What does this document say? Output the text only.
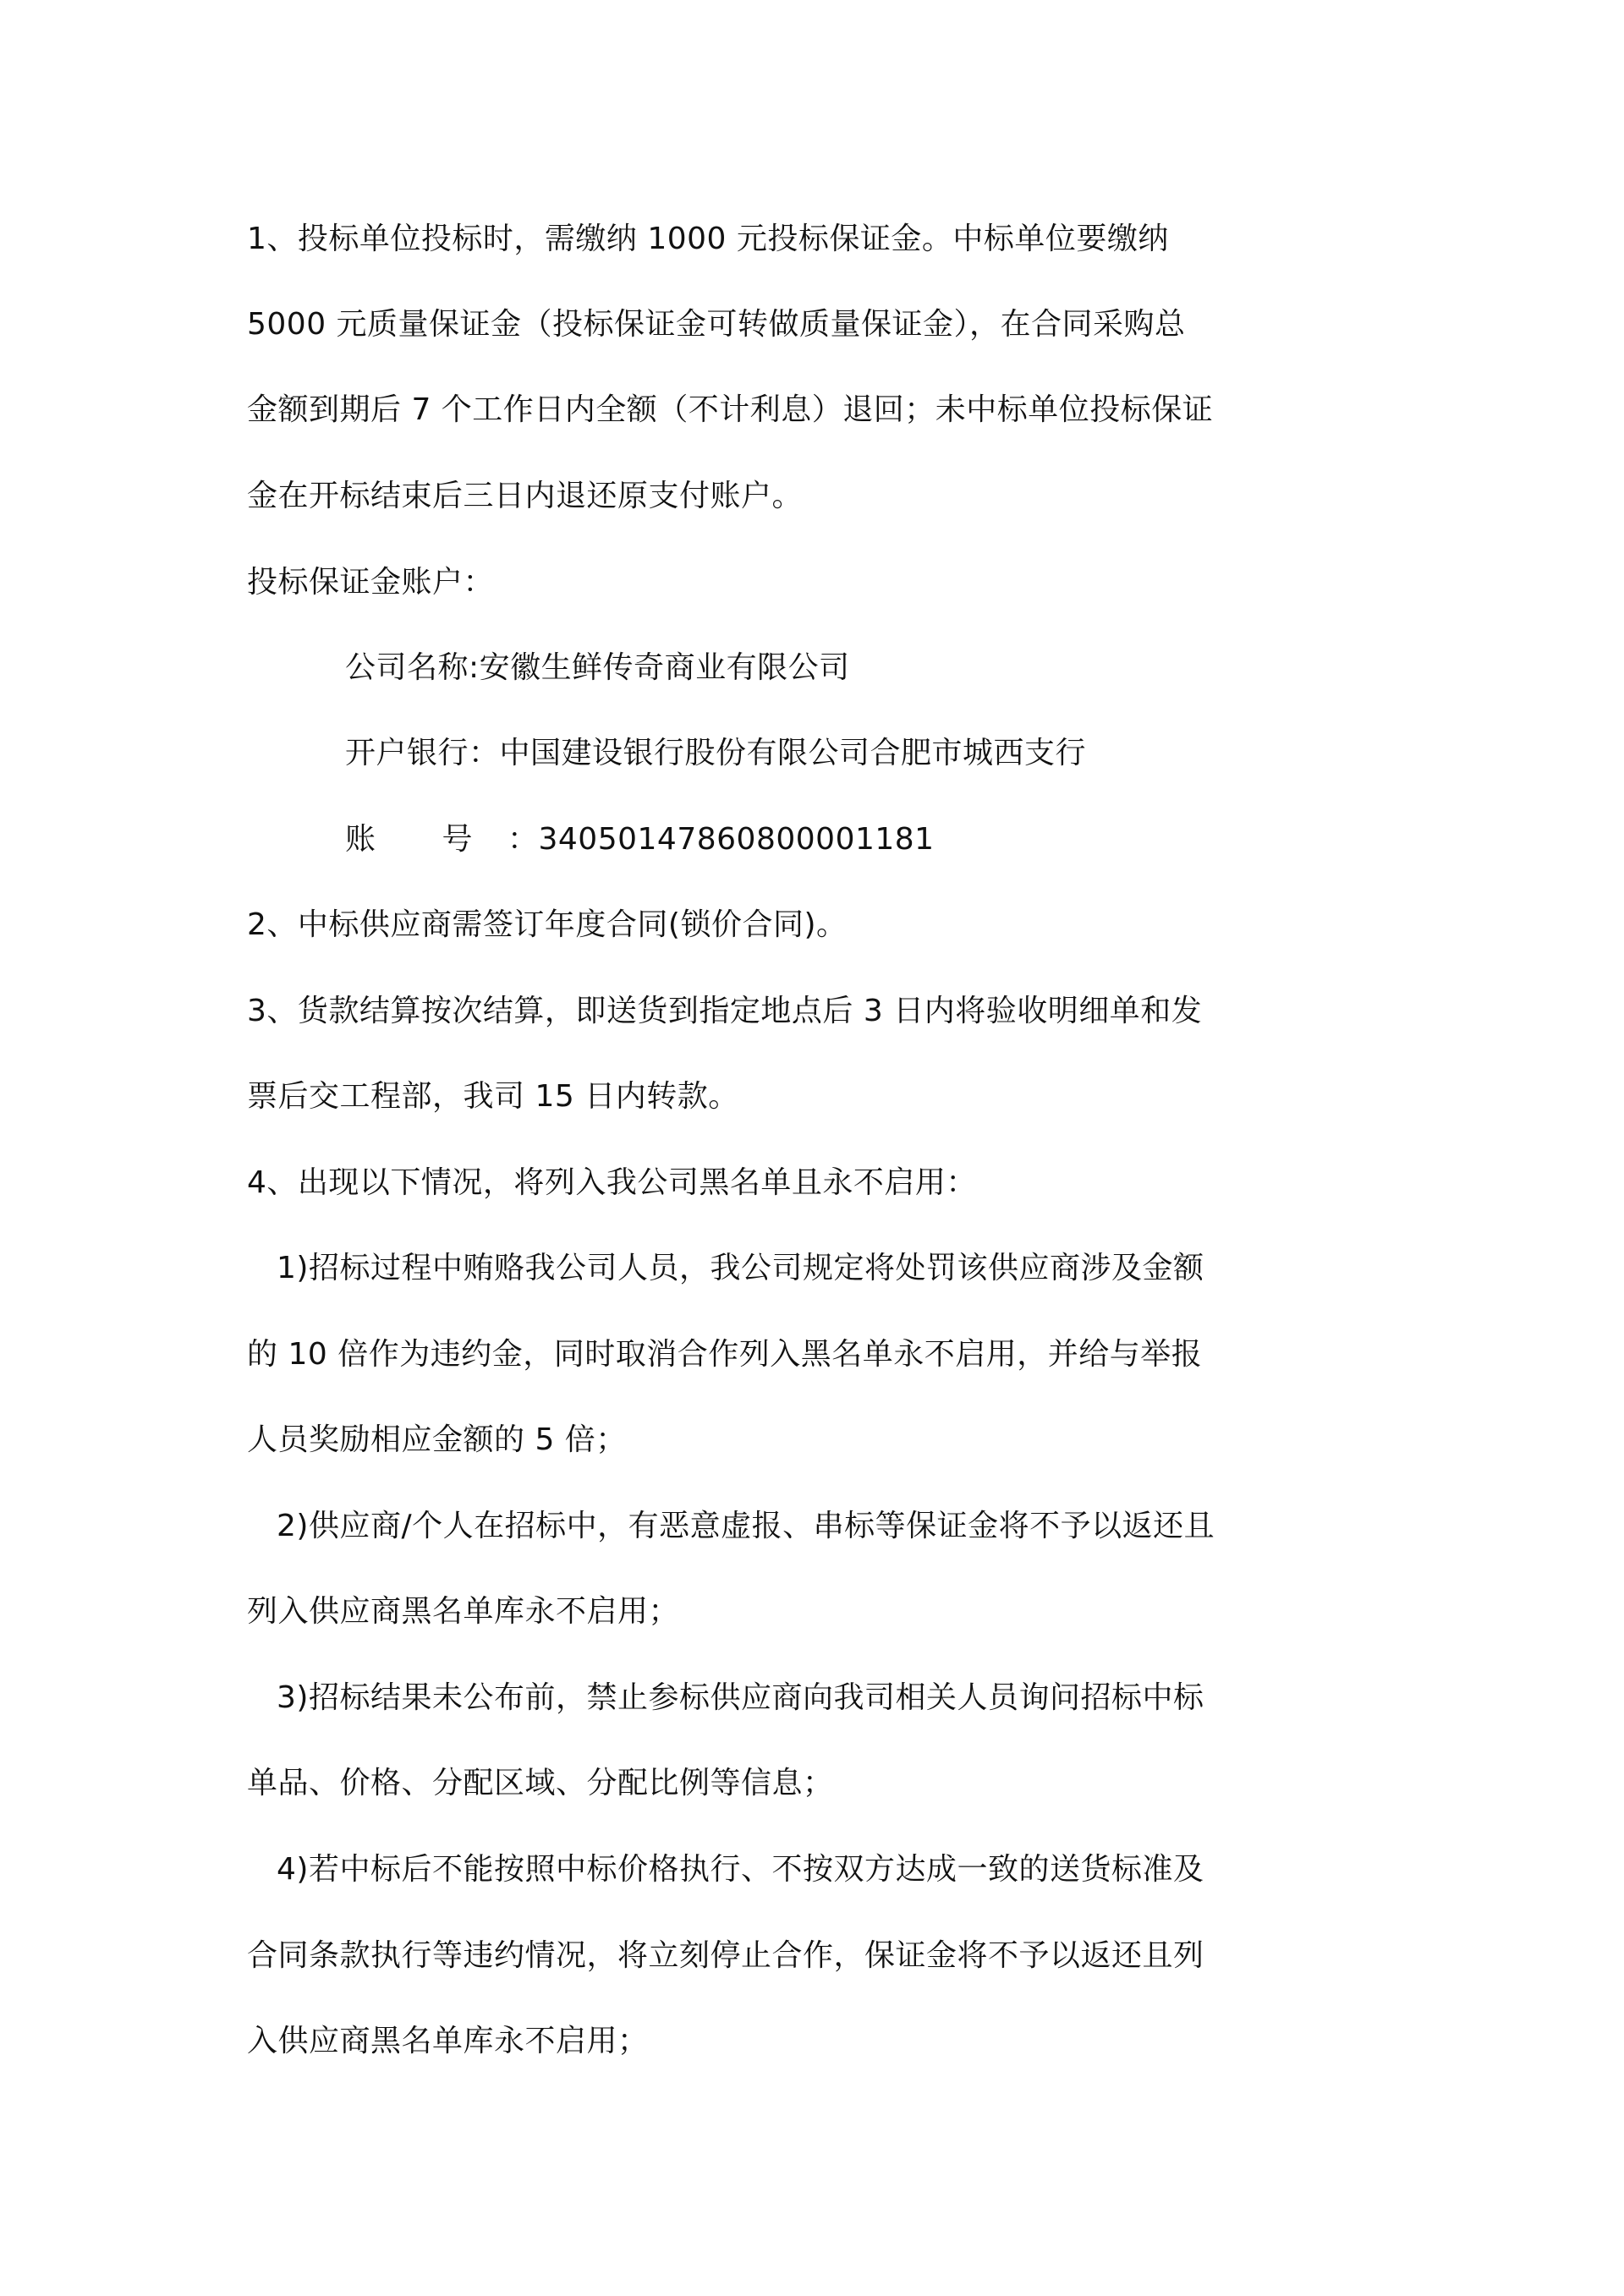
1、投标单位投标时，需缴纳 1000 元投标保证金。中标单位要缴纳
5000 元质量保证金（投标保证金可转做质量保证金），在合同采购总
金额到期后 7 个工作日内全额（不计利息）退回；未中标单位投标保证
金在开标结束后三日内退还原支付账户。
投标保证金账户：
公司名称:安徽生鲜传奇商业有限公司
开户银行：中国建设银行股份有限公司合肥市城西支行
账 号 ：34050147860800001181
2、中标供应商需签订年度合同(锁价合同)。
3、货款结算按次结算，即送货到指定地点后 3 日内将验收明细单和发
票后交工程部，我司 15 日内转款。
4、出现以下情况，将列入我公司黑名单且永不启用：
1)招标过程中贿赂我公司人员，我公司规定将处罚该供应商涉及金额
的 10 倍作为违约金，同时取消合作列入黑名单永不启用，并给与举报
人员奖励相应金额的 5 倍；
2)供应商/个人在招标中，有恶意虚报、串标等保证金将不予以返还且
列入供应商黑名单库永不启用；
3)招标结果未公布前，禁止参标供应商向我司相关人员询问招标中标
单品、价格、分配区域、分配比例等信息；
4)若中标后不能按照中标价格执行、不按双方达成一致的送货标准及
合同条款执行等违约情况，将立刻停止合作，保证金将不予以返还且列
入供应商黑名单库永不启用；
